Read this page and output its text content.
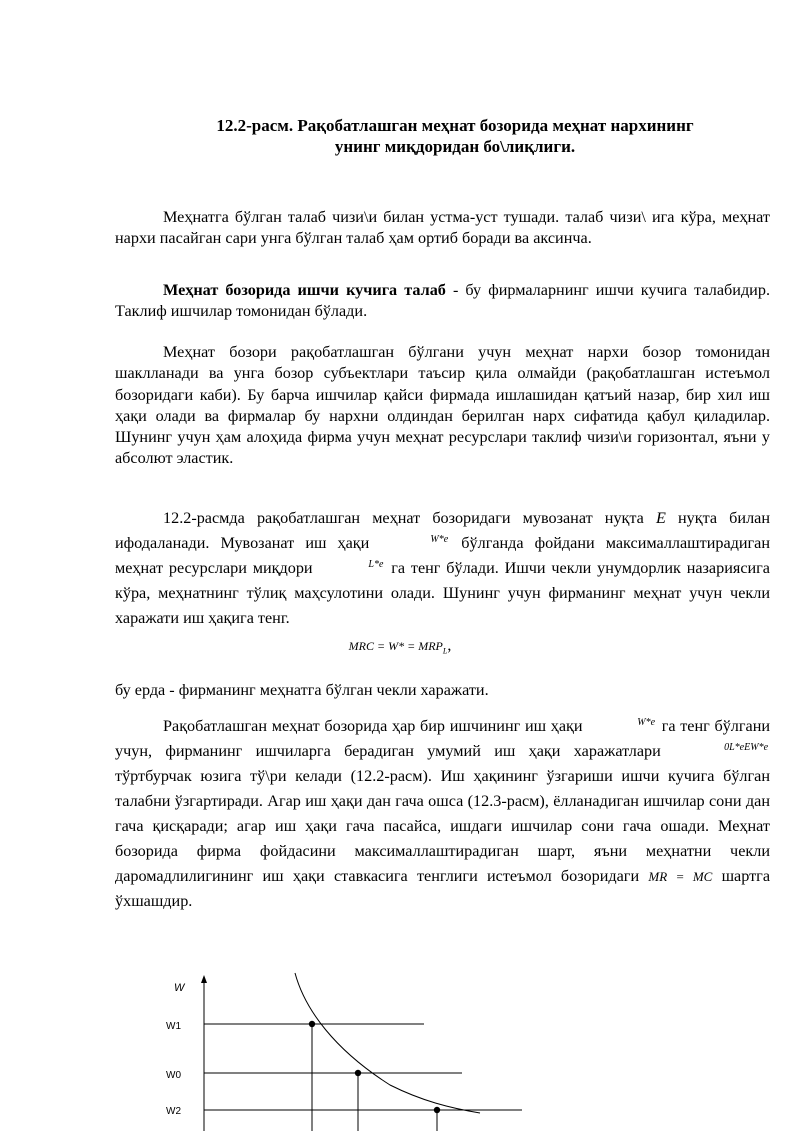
12.2-расм. Рақобатлашган меҳнат бозорида меҳнат нархининг
унинг миқдоридан бо\лиқлиги.
Меҳнатга бўлган талаб чизи\и билан устма-уст тушади. талаб чизи\ ига кўра, меҳнат нархи пасайган сари унга бўлган талаб ҳам ортиб боради ва аксинча.
Меҳнат бозорида ишчи кучига талаб - бу фирмаларнинг ишчи кучига талабидир. Таклиф ишчилар томонидан бўлади.
Меҳнат бозори рақобатлашган бўлгани учун меҳнат нархи бозор томонидан шаклланади ва унга бозор субъектлари таъсир қила олмайди (рақобатлашган истеъмол бозоридаги каби). Бу барча ишчилар қайси фирмада ишлашидан қатъий назар, бир хил иш ҳақи олади ва фирмалар бу нархни олдиндан берилган нарх сифатида қабул қиладилар. Шунинг учун ҳам алоҳида фирма учун меҳнат ресурслари таклиф чизи\и горизонтал, яъни у абсолют эластик.
12.2-расмда рақобатлашган меҳнат бозоридаги мувозанат нуқта E нуқта билан ифодаланади. Мувозанат иш ҳақи	W*e бўлганда фойдани максималлаштирадиган меҳнат ресурслари миқдори	L*e га тенг бўлади. Ишчи чекли унумдорлик назариясига кўра, меҳнатнинг тўлиқ маҳсулотини олади. Шунинг учун фирманинг меҳнат учун чекли харажати иш ҳақига тенг.
MRC = $W* = MRP_L$,
бу ерда - фирманинг меҳнатга бўлган чекли харажати.
Рақобатлашган меҳнат бозорида ҳар бир ишчининг иш ҳақи	W*e га тенг бўлгани учун, фирманинг ишчиларга берадиган умумий иш ҳақи харажатлари	0L*eEW*e тўртбурчак юзига тў\ри келади (12.2-расм). Иш ҳақининг ўзгариши ишчи кучига бўлган талабни ўзгартиради. Агар иш ҳақи дан гача ошса (12.3-расм), ёлланадиган ишчилар сони дан гача қисқаради; агар иш ҳақи гача пасайса, ишдаги ишчилар сони гача ошади. Меҳнат бозорида фирма фойдасини максималлаштирадиган шарт, яъни меҳнатни чекли даромадлилигининг иш ҳақи ставкасига тенглиги истеъмол бозоридаги MR = MC шартга ўхшашдир.
W
W1
W0
W2
